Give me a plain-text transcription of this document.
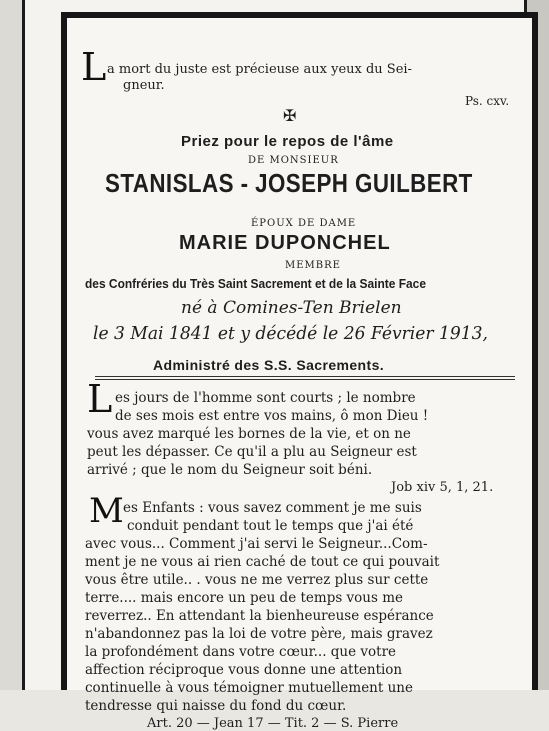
L a mort du juste est précieuse aux yeux du Sei-
gneur.
Ps. cxv.
✠
Priez pour le repos de l'âme
DE MONSIEUR
STANISLAS - JOSEPH GUILBERT
ÉPOUX DE DAME
MARIE DUPONCHEL
MEMBRE
des Confréries du Très Saint Sacrement et de la Sainte Face
né à Comines-Ten Brielen
le 3 Mai 1841 et y décédé le 26 Février 1913,
Administré des S.S. Sacrements.
L es jours de l'homme sont courts ; le nombre
de ses mois est entre vos mains, ô mon Dieu !
vous avez marqué les bornes de la vie, et on ne
peut les dépasser. Ce qu'il a plu au Seigneur est
arrivé ; que le nom du Seigneur soit béni.
Job xiv 5, 1, 21.
M es Enfants : vous savez comment je me suis
conduit pendant tout le temps que j'ai été
avec vous... Comment j'ai servi le Seigneur...Com-
ment je ne vous ai rien caché de tout ce qui pouvait
vous être utile.. . vous ne me verrez plus sur cette
terre.... mais encore un peu de temps vous me
reverrez.. En attendant la bienheureuse espérance
n'abandonnez pas la loi de votre père, mais gravez
la profondément dans votre cœur... que votre
affection réciproque vous donne une attention
continuelle à vous témoigner mutuellement une
tendresse qui naisse du fond du cœur.
Art. 20 — Jean 17 — Tit. 2 — S. Pierre
